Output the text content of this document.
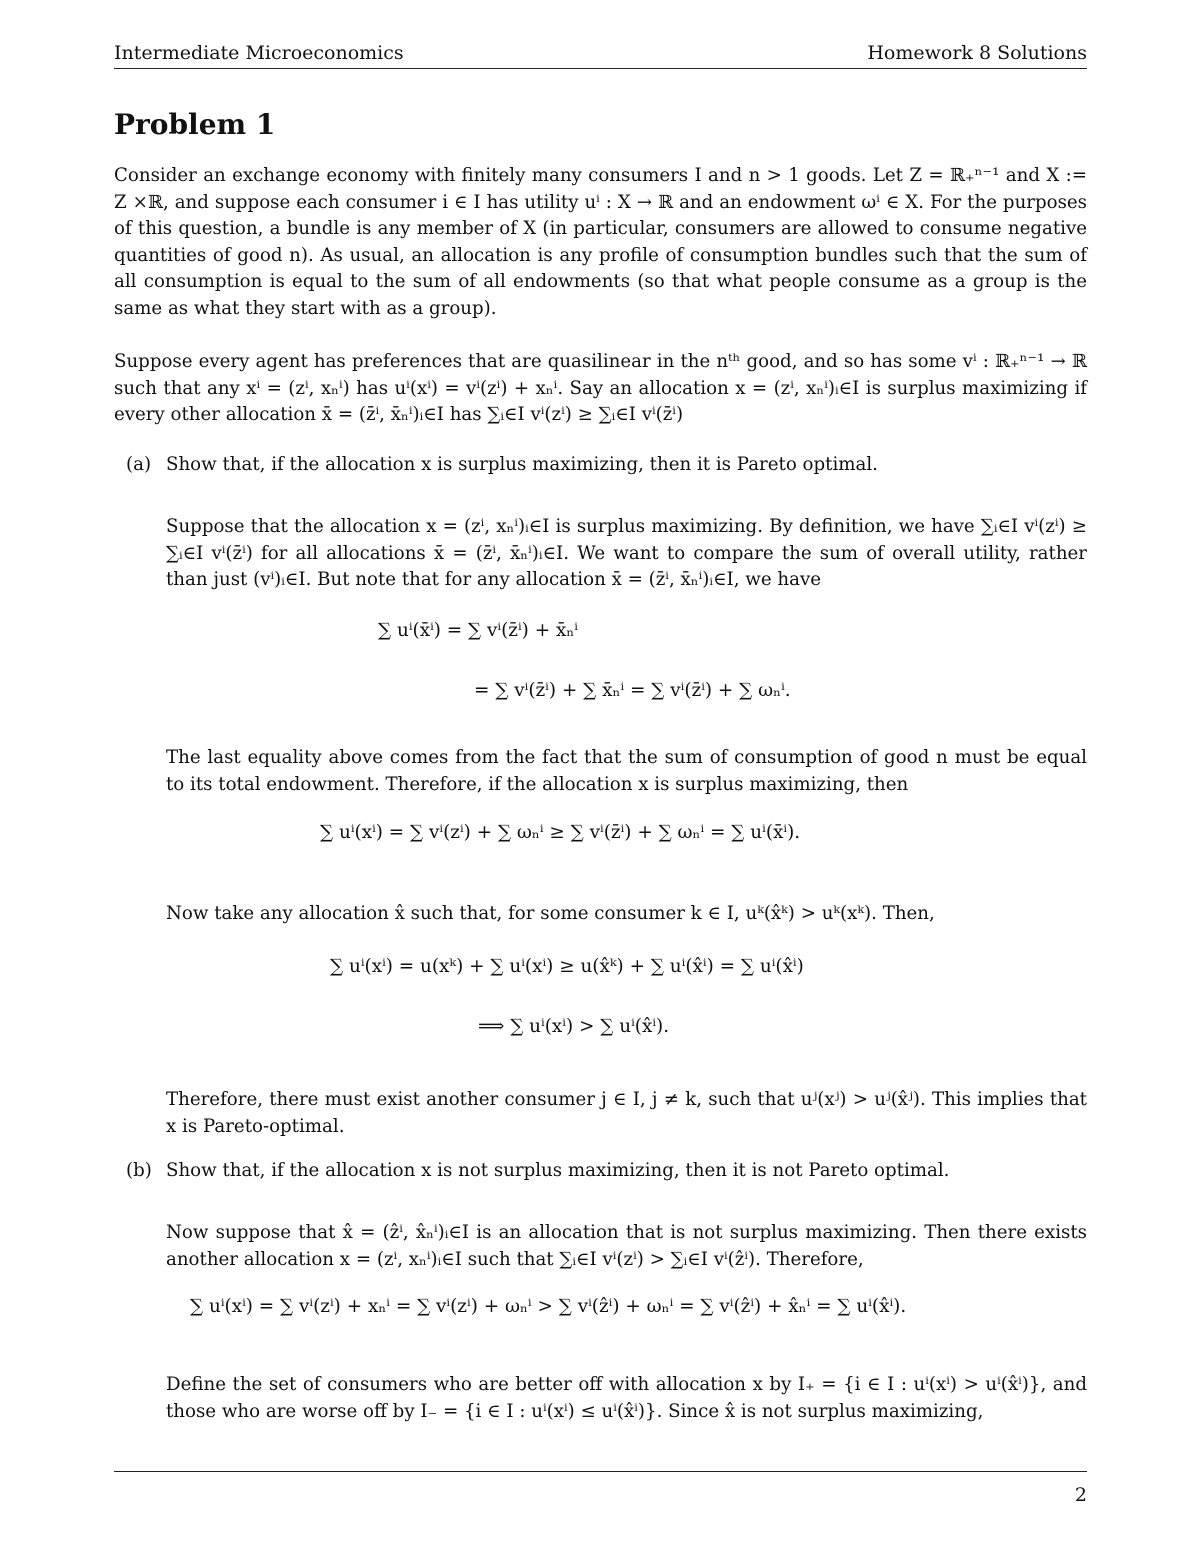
Intermediate Microeconomics	Homework 8 Solutions
Problem 1
Consider an exchange economy with finitely many consumers I and n > 1 goods. Let Z = ℝ₊ⁿ⁻¹ and X := Z ×ℝ, and suppose each consumer i ∈ I has utility uⁱ : X → ℝ and an endowment ωⁱ ∈ X. For the purposes of this question, a bundle is any member of X (in particular, consumers are allowed to consume negative quantities of good n). As usual, an allocation is any profile of consumption bundles such that the sum of all consumption is equal to the sum of all endowments (so that what people consume as a group is the same as what they start with as a group).
Suppose every agent has preferences that are quasilinear in the nᵗʰ good, and so has some vⁱ : ℝ₊ⁿ⁻¹ → ℝ such that any xⁱ = (zⁱ, xₙⁱ) has uⁱ(xⁱ) = vⁱ(zⁱ) + xₙⁱ. Say an allocation x = (zⁱ, xₙⁱ)ᵢ∈I is surplus maximizing if every other allocation x̄ = (z̄ⁱ, x̄ₙⁱ)ᵢ∈I has ∑ᵢ∈I vⁱ(zⁱ) ≥ ∑ᵢ∈I vⁱ(z̄ⁱ)
(a) Show that, if the allocation x is surplus maximizing, then it is Pareto optimal.
Suppose that the allocation x = (zⁱ, xₙⁱ)ᵢ∈I is surplus maximizing. By definition, we have ∑ᵢ∈I vⁱ(zⁱ) ≥ ∑ᵢ∈I vⁱ(z̄ⁱ) for all allocations x̄ = (z̄ⁱ, x̄ₙⁱ)ᵢ∈I. We want to compare the sum of overall utility, rather than just (vⁱ)ᵢ∈I. But note that for any allocation x̄ = (z̄ⁱ, x̄ₙⁱ)ᵢ∈I, we have
∑ uⁱ(x̄ⁱ) = ∑ vⁱ(z̄ⁱ) + x̄ₙⁱ
= ∑ vⁱ(z̄ⁱ) + ∑ x̄ₙⁱ = ∑ vⁱ(z̄ⁱ) + ∑ ωₙⁱ.
The last equality above comes from the fact that the sum of consumption of good n must be equal to its total endowment. Therefore, if the allocation x is surplus maximizing, then
∑ uⁱ(xⁱ) = ∑ vⁱ(zⁱ) + ∑ ωₙⁱ ≥ ∑ vⁱ(z̄ⁱ) + ∑ ωₙⁱ = ∑ uⁱ(x̄ⁱ).
Now take any allocation x̂ such that, for some consumer k ∈ I, uᵏ(x̂ᵏ) > uᵏ(xᵏ). Then,
∑ uⁱ(xⁱ) = u(xᵏ) + ∑ uⁱ(xⁱ) ≥ u(x̂ᵏ) + ∑ uⁱ(x̂ⁱ) = ∑ uⁱ(x̂ⁱ)
⟹ ∑ uⁱ(xⁱ) > ∑ uⁱ(x̂ⁱ).
Therefore, there must exist another consumer j ∈ I, j ≠ k, such that uʲ(xʲ) > uʲ(x̂ʲ). This implies that x is Pareto-optimal.
(b) Show that, if the allocation x is not surplus maximizing, then it is not Pareto optimal.
Now suppose that x̂ = (ẑⁱ, x̂ₙⁱ)ᵢ∈I is an allocation that is not surplus maximizing. Then there exists another allocation x = (zⁱ, xₙⁱ)ᵢ∈I such that ∑ᵢ∈I vⁱ(zⁱ) > ∑ᵢ∈I vⁱ(ẑⁱ). Therefore,
∑ uⁱ(xⁱ) = ∑ vⁱ(zⁱ) + xₙⁱ = ∑ vⁱ(zⁱ) + ωₙⁱ > ∑ vⁱ(ẑⁱ) + ωₙⁱ = ∑ vⁱ(ẑⁱ) + x̂ₙⁱ = ∑ uⁱ(x̂ⁱ).
Define the set of consumers who are better off with allocation x by I₊ = {i ∈ I : uⁱ(xⁱ) > uⁱ(x̂ⁱ)}, and those who are worse off by I₋ = {i ∈ I : uⁱ(xⁱ) ≤ uⁱ(x̂ⁱ)}. Since x̂ is not surplus maximizing,
2
